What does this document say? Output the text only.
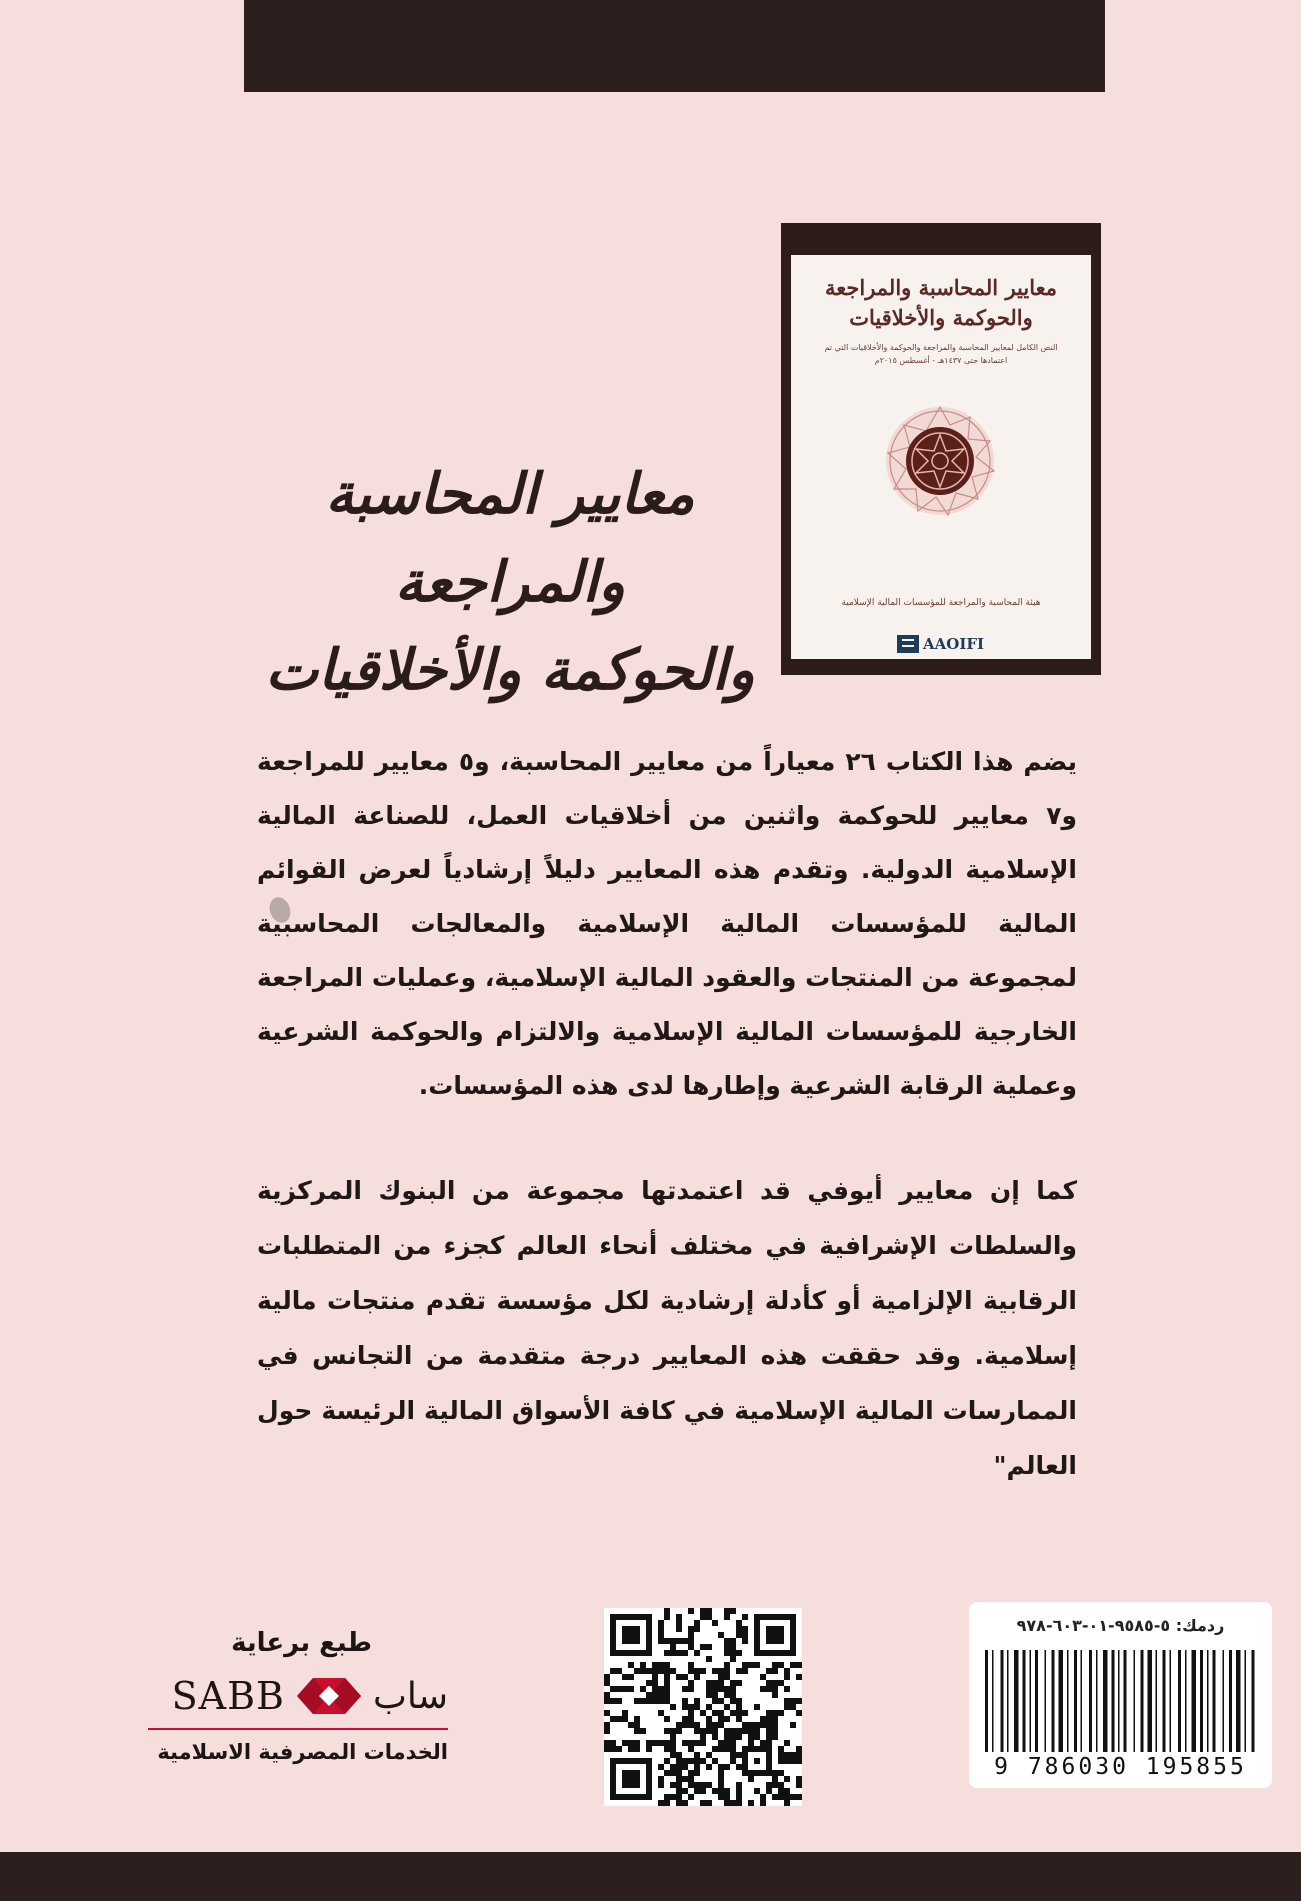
معايير المحاسبة والمراجعة
والحوكمة والأخلاقيات
النص الكامل لمعايير المحاسبة والمراجعة والحوكمة والأخلاقيات التي تم اعتمادها حتى ١٤٣٧هـ - أغسطس ٢٠١٥م
هيئة المحاسبة والمراجعة للمؤسسات المالية الإسلامية
AAOIFI
معايير المحاسبة والمراجعة
والحوكمة والأخلاقيات

يضم هذا الكتاب ٢٦ معياراً من معايير المحاسبة، و٥ معايير للمراجعة و٧ معايير للحوكمة واثنين من أخلاقيات العمل، للصناعة المالية الإسلامية الدولية. وتقدم هذه المعايير دليلاً إرشادياً لعرض القوائم المالية للمؤسسات المالية الإسلامية والمعالجات المحاسبية لمجموعة من المنتجات والعقود المالية الإسلامية، وعمليات المراجعة الخارجية للمؤسسات المالية الإسلامية والالتزام والحوكمة الشرعية وعملية الرقابة الشرعية وإطارها لدى هذه المؤسسات.

كما إن معايير أيوفي قد اعتمدتها مجموعة من البنوك المركزية والسلطات الإشرافية في مختلف أنحاء العالم كجزء من المتطلبات الرقابية الإلزامية أو كأدلة إرشادية لكل مؤسسة تقدم منتجات مالية إسلامية. وقد حققت هذه المعايير درجة متقدمة من التجانس في الممارسات المالية الإسلامية في كافة الأسواق المالية الرئيسة حول العالم"

طبع برعاية
SABB ساب
الخدمات المصرفية الاسلامية
ردمك: ٥-٩٥٨٥-٠١-٦٠٣-٩٧٨
9 786030 195855
